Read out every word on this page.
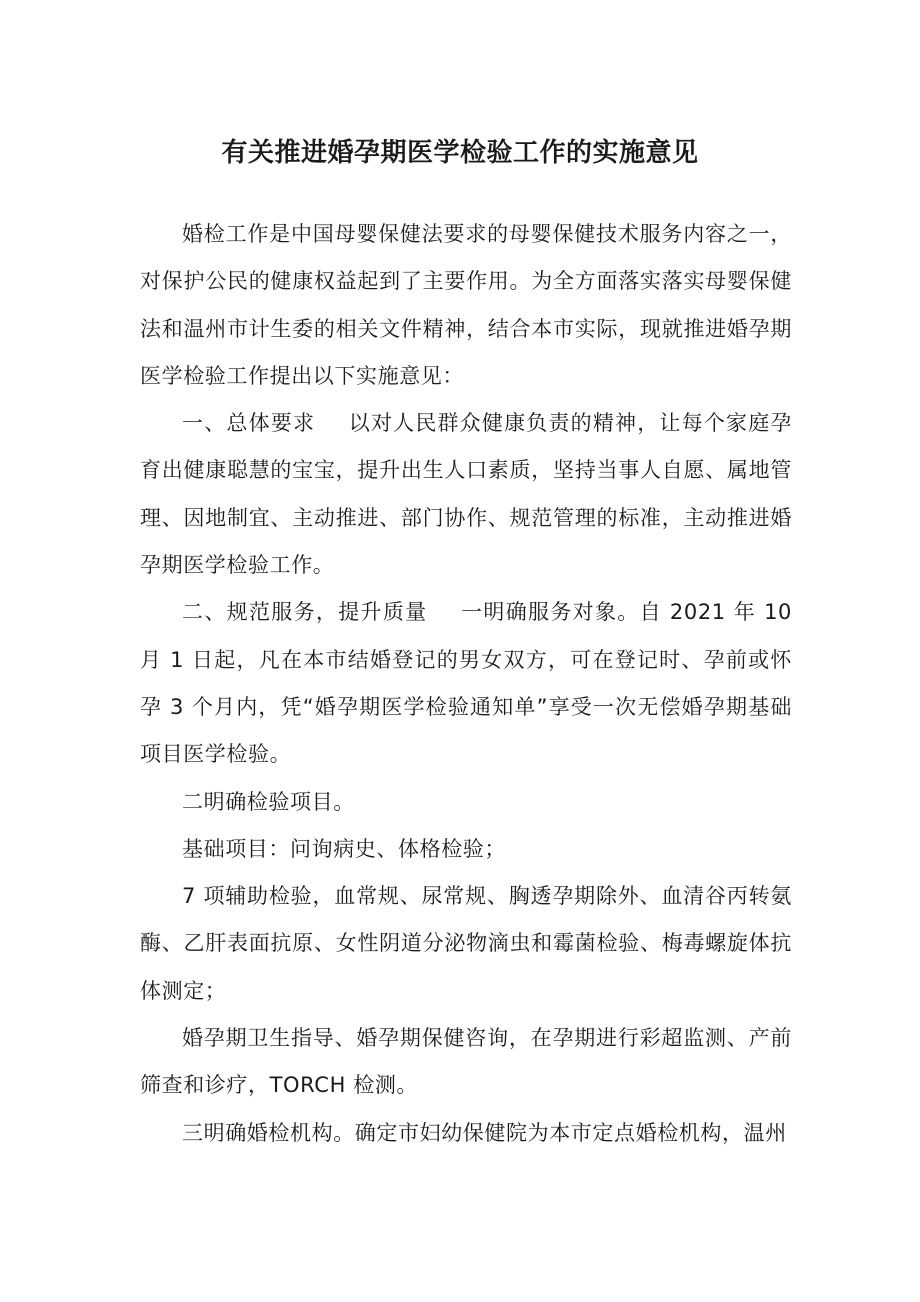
有关推进婚孕期医学检验工作的实施意见

婚检工作是中国母婴保健法要求的母婴保健技术服务内容之一，对保护公民的健康权益起到了主要作用。为全方面落实落实母婴保健法和温州市计生委的相关文件精神，结合本市实际，现就推进婚孕期医学检验工作提出以下实施意见：

一、总体要求 以对人民群众健康负责的精神，让每个家庭孕育出健康聪慧的宝宝，提升出生人口素质，坚持当事人自愿、属地管理、因地制宜、主动推进、部门协作、规范管理的标准，主动推进婚孕期医学检验工作。

二、规范服务，提升质量 一明确服务对象。自 2021 年 10 月 1 日起，凡在本市结婚登记的男女双方，可在登记时、孕前或怀孕 3 个月内，凭“婚孕期医学检验通知单”享受一次无偿婚孕期基础项目医学检验。

二明确检验项目。

基础项目：问询病史、体格检验；

7 项辅助检验，血常规、尿常规、胸透孕期除外、血清谷丙转氨酶、乙肝表面抗原、女性阴道分泌物滴虫和霉菌检验、梅毒螺旋体抗体测定；

婚孕期卫生指导、婚孕期保健咨询，在孕期进行彩超监测、产前筛查和诊疗，TORCH 检测。

三明确婚检机构。确定市妇幼保健院为本市定点婚检机构，温州
